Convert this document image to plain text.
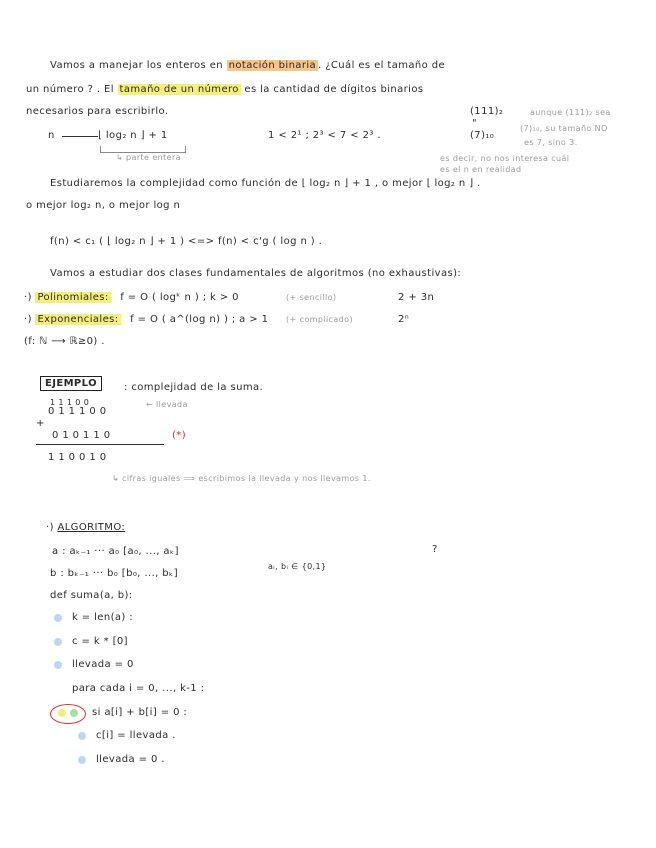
Vamos a manejar los enteros en notación binaria . ¿Cuál es el tamaño de
un número ? . El tamaño de un número es la cantidad de dígitos binarios
necesarios para escribirlo.
n	⌊ log₂ n ⌋ + 1	1 < 2¹ ; 2³ < 7 < 2³ .
(111)₂	aunque (111)₂ sea
"
(7)₁₀
(7)₁₀, su tamaño NO
es 7, sino 3.
es decir, no nos interesa cuál
es el n en realidad
↳ parte entera
Estudiaremos la complejidad como función de ⌊ log₂ n ⌋ + 1 , o mejor ⌊ log₂ n ⌋ .
o mejor log₂ n, o mejor log n
f(n) < c₁ ( ⌊ log₂ n ⌋ + 1 ) <=> f(n) < c'g ( log n ) .
Vamos a estudiar dos clases fundamentales de algoritmos (no exhaustivas):
·) Polinomiales: f = O ( logᵏ n ) ; k > 0	(+ sencillo)	2 + 3n
·) Exponenciales: f = O ( a^(log n) ) ; a > 1 (+ complicado)	2ⁿ
(f: ℕ ⟶ ℝ≥0) .
EJEMPLO	: complejidad de la suma.
1 1 1 0 0
0 1 1 1 0 0
← llevada
+
0 1 0 1 1 0	(*)
1 1 0 0 1 0
↳ cifras iguales ⟹ escribimos la llevada y nos llevamos 1.
·) ALGORITMO:
a : aₖ₋₁ ··· a₀ [a₀, ..., aₖ]
b : bₖ₋₁ ··· b₀ [b₀, ..., bₖ]
aᵢ, bᵢ ∈ {0,1}
?
def suma(a, b):
k = len(a) :
c = k * [0]
llevada = 0
para cada i = 0, ..., k-1 :
si a[i] + b[i] = 0 :
c[i] = llevada .
llevada = 0 .
